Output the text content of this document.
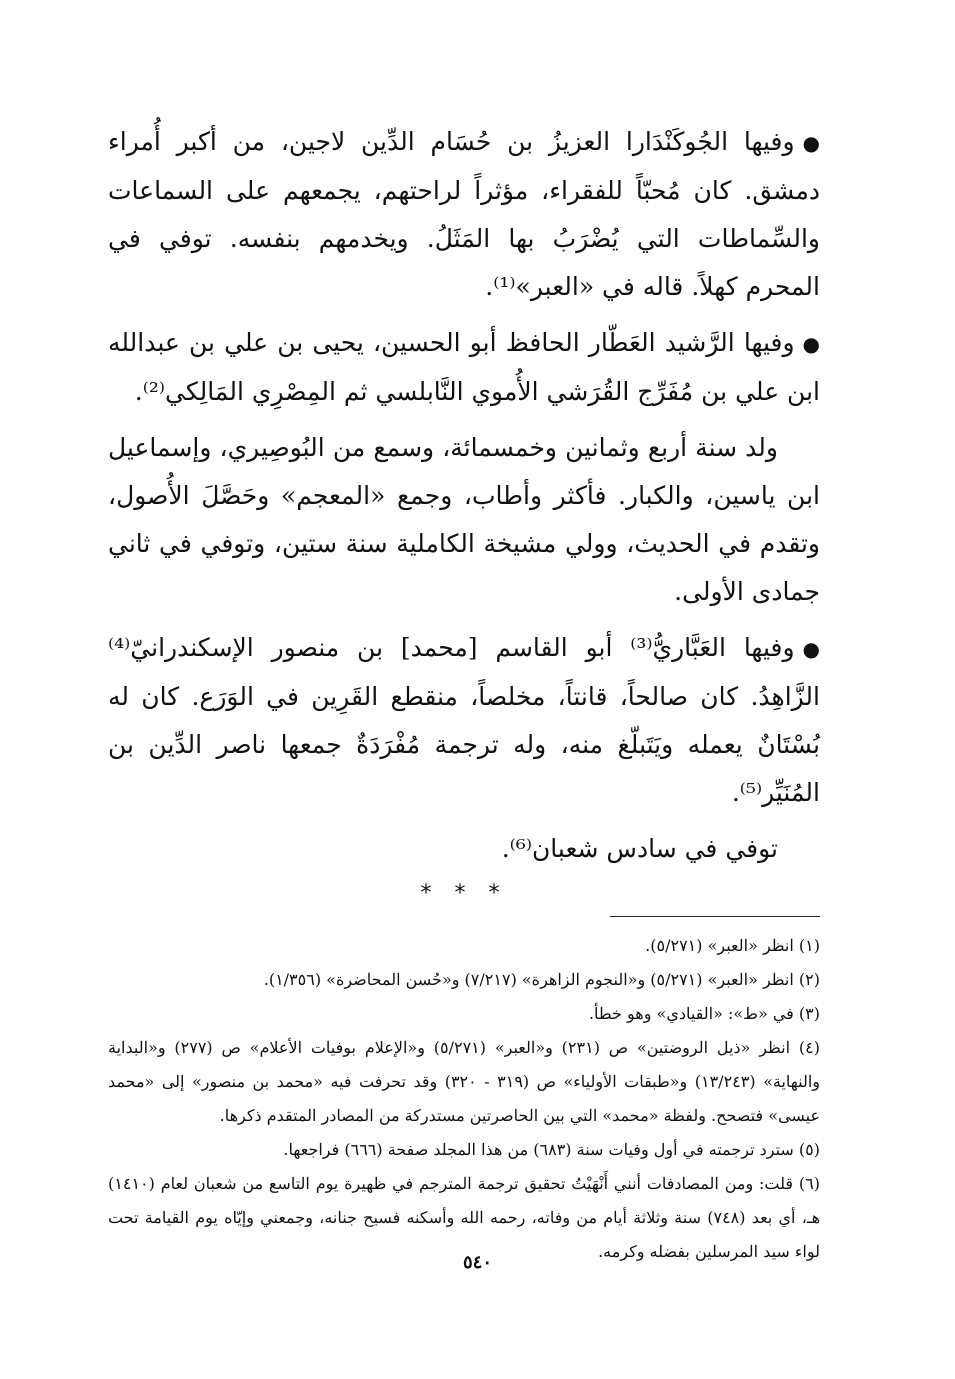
●وفيها الجُوكَنْدَارا العزيزُ بن حُسَام الدِّين لاجين، من أكبر أُمراء دمشق. كان مُحبّاً للفقراء، مؤثراً لراحتهم، يجمعهم على السماعات والسِّماطات التي يُضْرَبُ بها المَثَلُ. ويخدمهم بنفسه. توفي في المحرم كهلاً. قاله في «العبر»⁽¹⁾.

●وفيها الرَّشيد العَطّار الحافظ أبو الحسين، يحيى بن علي بن عبدالله ابن علي بن مُفَرِّج القُرَشي الأُموي النَّابلسي ثم المِصْرِي المَالِكي⁽²⁾.

ولد سنة أربع وثمانين وخمسمائة، وسمع من البُوصِيري، وإسماعيل ابن ياسين، والكبار. فأكثر وأطاب، وجمع «المعجم» وحَصَّلَ الأُصول، وتقدم في الحديث، وولي مشيخة الكاملية سنة ستين، وتوفي في ثاني جمادى الأولى.

●وفيها العَبَّاريُّ⁽³⁾ أبو القاسم [محمد] بن منصور الإسكندرانيّ⁽⁴⁾ الزَّاهِدُ. كان صالحاً، قانتاً، مخلصاً، منقطع القَرِين في الوَرَع. كان له بُسْتَانٌ يعمله ويَتَبلّغ منه، وله ترجمة مُفْرَدَةٌ جمعها ناصر الدِّين بن المُنَيِّر⁽⁵⁾.

توفي في سادس شعبان⁽⁶⁾.

* * *

(١) انظر «العبر» (٥/٢٧١).

(٢) انظر «العبر» (٥/٢٧١) و«النجوم الزاهرة» (٧/٢١٧) و«حُسن المحاضرة» (١/٣٥٦).

(٣) في «ط»: «القيادي» وهو خطأ.

(٤) انظر «ذيل الروضتين» ص (٢٣١) و«العبر» (٥/٢٧١) و«الإعلام بوفيات الأعلام» ص (٢٧٧) و«البداية والنهاية» (١٣/٢٤٣) و«طبقات الأولياء» ص (٣١٩ - ٣٢٠) وقد تحرفت فيه «محمد بن منصور» إلى «محمد عيسى» فتصحح. ولفظة «محمد» التي بين الحاصرتين مستدركة من المصادر المتقدم ذكرها.

(٥) سترد ترجمته في أول وفيات سنة (٦٨٣) من هذا المجلد صفحة (٦٦٦) فراجعها.

(٦) قلت: ومن المصادفات أنني أَنْهَيْتُ تحقيق ترجمة المترجم في ظهيرة يوم التاسع من شعبان لعام (١٤١٠) هـ، أي بعد (٧٤٨) سنة وثلاثة أيام من وفاته، رحمه الله وأسكنه فسيح جنانه، وجمعني وإيّاه يوم القيامة تحت لواء سيد المرسلين بفضله وكرمه.

٥٤٠
